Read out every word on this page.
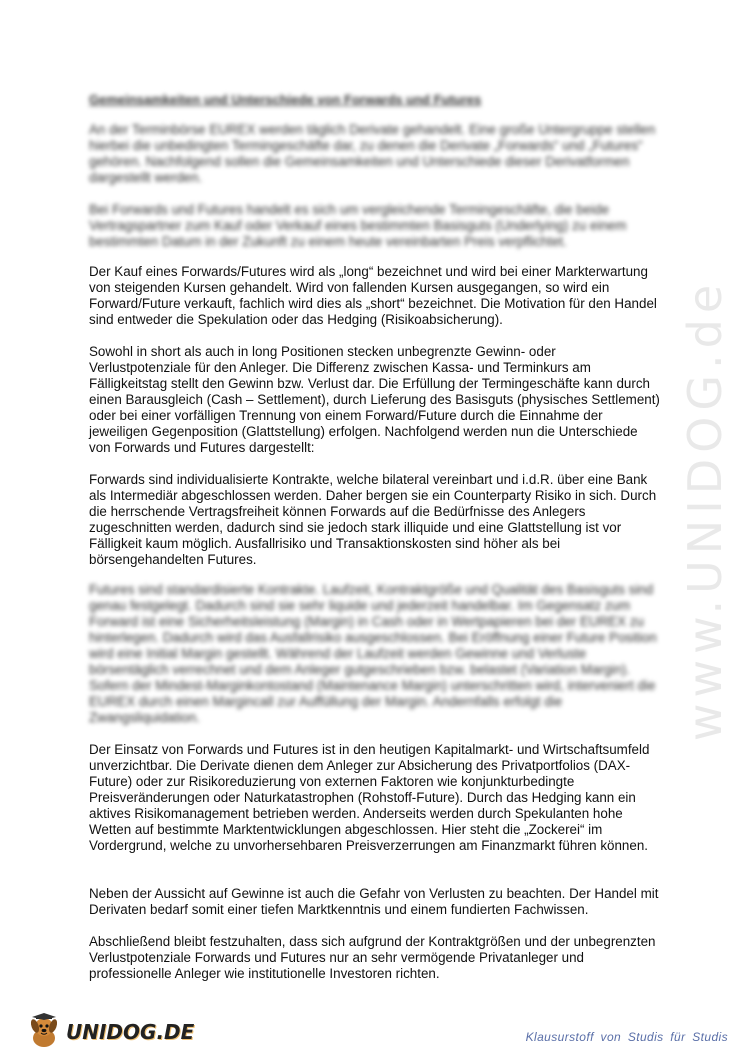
www.UNIDOG.de
Gemeinsamkeiten und Unterschiede von Forwards und Futures

An der Terminbörse EUREX werden täglich Derivate gehandelt. Eine große Untergruppe stellen hierbei die unbedingten Termingeschäfte dar, zu denen die Derivate „Forwards“ und „Futures“ gehören. Nachfolgend sollen die Gemeinsamkeiten und Unterschiede dieser Derivatformen dargestellt werden.

Bei Forwards und Futures handelt es sich um vergleichende Termingeschäfte, die beide Vertragspartner zum Kauf oder Verkauf eines bestimmten Basisguts (Underlying) zu einem bestimmten Datum in der Zukunft zu einem heute vereinbarten Preis verpflichtet.

Der Kauf eines Forwards/Futures wird als „long“ bezeichnet und wird bei einer Markterwartung von steigenden Kursen gehandelt. Wird von fallenden Kursen ausgegangen, so wird ein Forward/Future verkauft, fachlich wird dies als „short“ bezeichnet. Die Motivation für den Handel sind entweder die Spekulation oder das Hedging (Risikoabsicherung).

Sowohl in short als auch in long Positionen stecken unbegrenzte Gewinn- oder Verlustpotenziale für den Anleger. Die Differenz zwischen Kassa- und Terminkurs am Fälligkeitstag stellt den Gewinn bzw. Verlust dar. Die Erfüllung der Termingeschäfte kann durch einen Barausgleich (Cash – Settlement), durch Lieferung des Basisguts (physisches Settlement) oder bei einer vorfälligen Trennung von einem Forward/Future durch die Einnahme der jeweiligen Gegenposition (Glattstellung) erfolgen. Nachfolgend werden nun die Unterschiede von Forwards und Futures dargestellt:

Forwards sind individualisierte Kontrakte, welche bilateral vereinbart und i.d.R. über eine Bank als Intermediär abgeschlossen werden. Daher bergen sie ein Counterparty Risiko in sich. Durch die herrschende Vertragsfreiheit können Forwards auf die Bedürfnisse des Anlegers zugeschnitten werden, dadurch sind sie jedoch stark illiquide und eine Glattstellung ist vor Fälligkeit kaum möglich. Ausfallrisiko und Transaktionskosten sind höher als bei börsengehandelten Futures.

Futures sind standardisierte Kontrakte. Laufzeit, Kontraktgröße und Qualität des Basisguts sind genau festgelegt. Dadurch sind sie sehr liquide und jederzeit handelbar. Im Gegensatz zum Forward ist eine Sicherheitsleistung (Margin) in Cash oder in Wertpapieren bei der EUREX zu hinterlegen. Dadurch wird das Ausfallrisiko ausgeschlossen. Bei Eröffnung einer Future Position wird eine Initial Margin gestellt. Während der Laufzeit werden Gewinne und Verluste börsentäglich verrechnet und dem Anleger gutgeschrieben bzw. belastet (Variation Margin). Sofern der Mindest-Marginkontostand (Maintenance Margin) unterschritten wird, interveniert die EUREX durch einen Margincall zur Auffüllung der Margin. Andernfalls erfolgt die Zwangsliquidation.

Der Einsatz von Forwards und Futures ist in den heutigen Kapitalmarkt- und Wirtschaftsumfeld unverzichtbar. Die Derivate dienen dem Anleger zur Absicherung des Privatportfolios (DAX-Future) oder zur Risikoreduzierung von externen Faktoren wie konjunkturbedingte Preisveränderungen oder Naturkatastrophen (Rohstoff-Future). Durch das Hedging kann ein aktives Risikomanagement betrieben werden. Anderseits werden durch Spekulanten hohe Wetten auf bestimmte Marktentwicklungen abgeschlossen. Hier steht die „Zockerei“ im Vordergrund, welche zu unvorhersehbaren Preisverzerrungen am Finanzmarkt führen können.

Neben der Aussicht auf Gewinne ist auch die Gefahr von Verlusten zu beachten. Der Handel mit Derivaten bedarf somit einer tiefen Marktkenntnis und einem fundierten Fachwissen.

Abschließend bleibt festzuhalten, dass sich aufgrund der Kontraktgrößen und der unbegrenzten Verlustpotenziale Forwards und Futures nur an sehr vermögende Privatanleger und professionelle Anleger wie institutionelle Investoren richten.

UNIDOG.DE	Klausurstoff von Studis für Studis
